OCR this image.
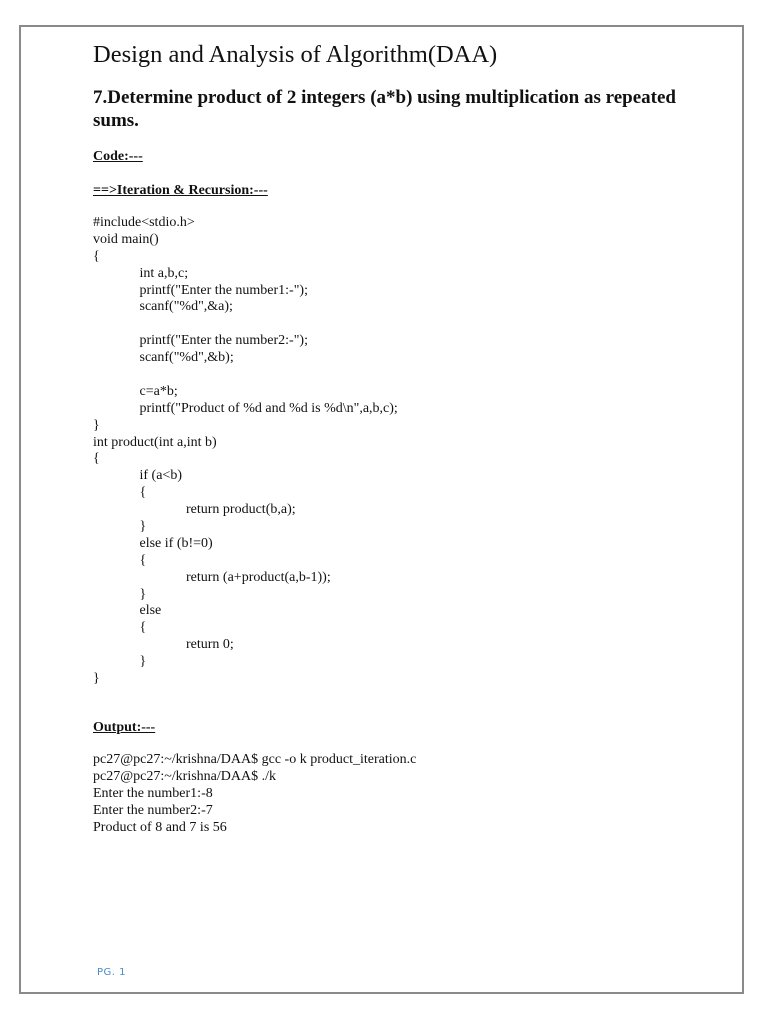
Design and Analysis of Algorithm(DAA)
7.Determine product of 2 integers (a*b) using multiplication as repeated sums.
Code:---
==>Iteration & Recursion:---
#include<stdio.h>
void main()
{
int a,b,c;
printf("Enter the number1:-");
scanf("%d",&a);

printf("Enter the number2:-");
scanf("%d",&b);

c=a*b;
printf("Product of %d and %d is %d\n",a,b,c);
}
int product(int a,int b)
{
if (a<b)
{
return product(b,a);
}
else if (b!=0)
{
return (a+product(a,b-1));
}
else
{
return 0;
}
}
Output:---
pc27@pc27:~/krishna/DAA$ gcc -o k product_iteration.c
pc27@pc27:~/krishna/DAA$ ./k
Enter the number1:-8
Enter the number2:-7
Product of 8 and 7 is 56
PG. 1
